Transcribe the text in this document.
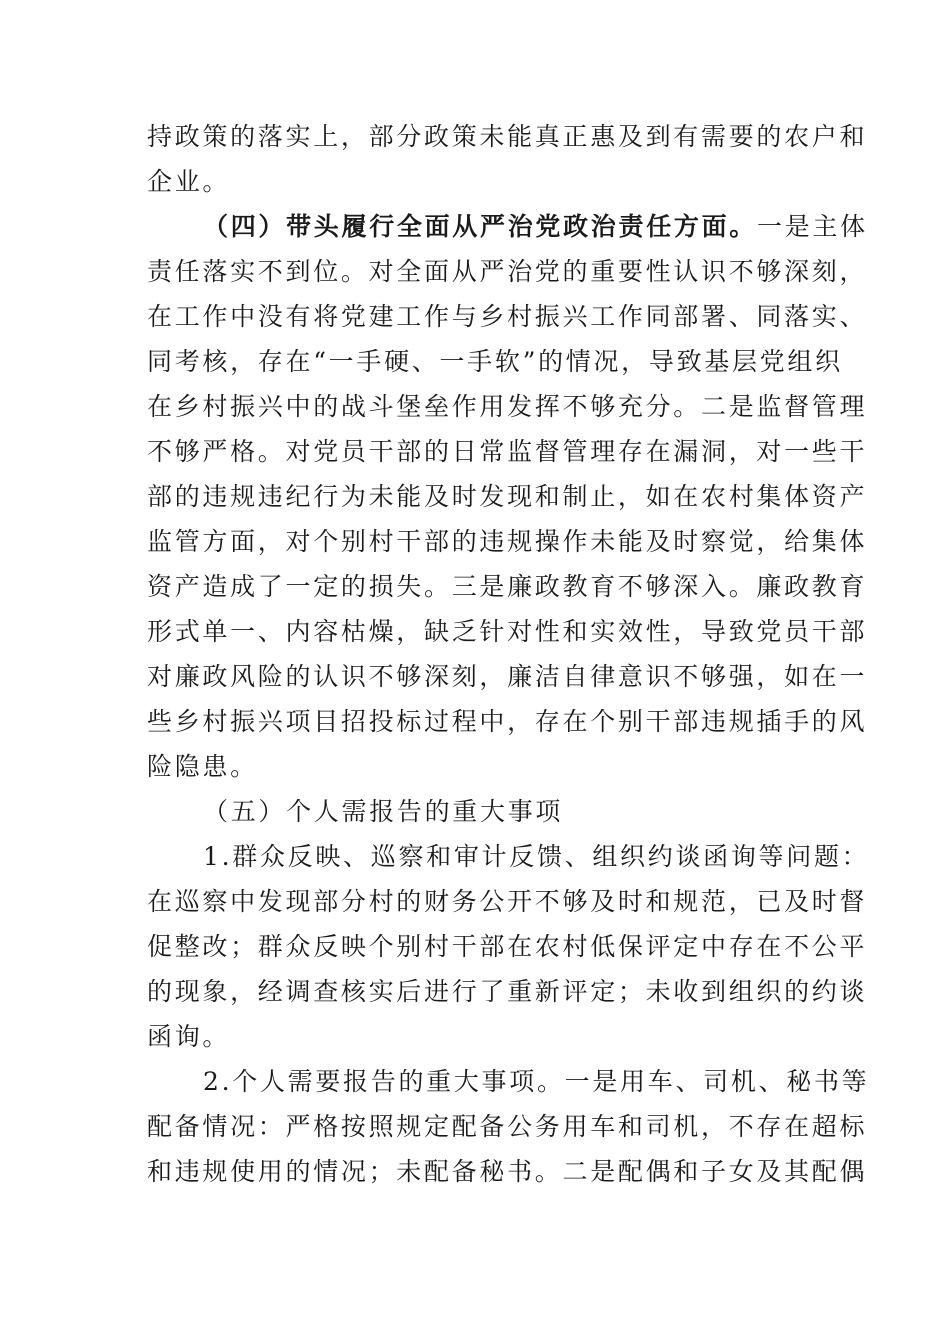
持政策的落实上，部分政策未能真正惠及到有需要的农户和
企业。
（四）带头履行全面从严治党政治责任方面。一是主体
责任落实不到位。对全面从严治党的重要性认识不够深刻，
在工作中没有将党建工作与乡村振兴工作同部署、同落实、
同考核，存在“一手硬、一手软”的情况，导致基层党组织
在乡村振兴中的战斗堡垒作用发挥不够充分。二是监督管理
不够严格。对党员干部的日常监督管理存在漏洞，对一些干
部的违规违纪行为未能及时发现和制止，如在农村集体资产
监管方面，对个别村干部的违规操作未能及时察觉，给集体
资产造成了一定的损失。三是廉政教育不够深入。廉政教育
形式单一、内容枯燥，缺乏针对性和实效性，导致党员干部
对廉政风险的认识不够深刻，廉洁自律意识不够强，如在一
些乡村振兴项目招投标过程中，存在个别干部违规插手的风
险隐患。
（五）个人需报告的重大事项
1.群众反映、巡察和审计反馈、组织约谈函询等问题：
在巡察中发现部分村的财务公开不够及时和规范，已及时督
促整改；群众反映个别村干部在农村低保评定中存在不公平
的现象，经调查核实后进行了重新评定；未收到组织的约谈
函询。
2.个人需要报告的重大事项。一是用车、司机、秘书等
配备情况：严格按照规定配备公务用车和司机，不存在超标
和违规使用的情况；未配备秘书。二是配偶和子女及其配偶
